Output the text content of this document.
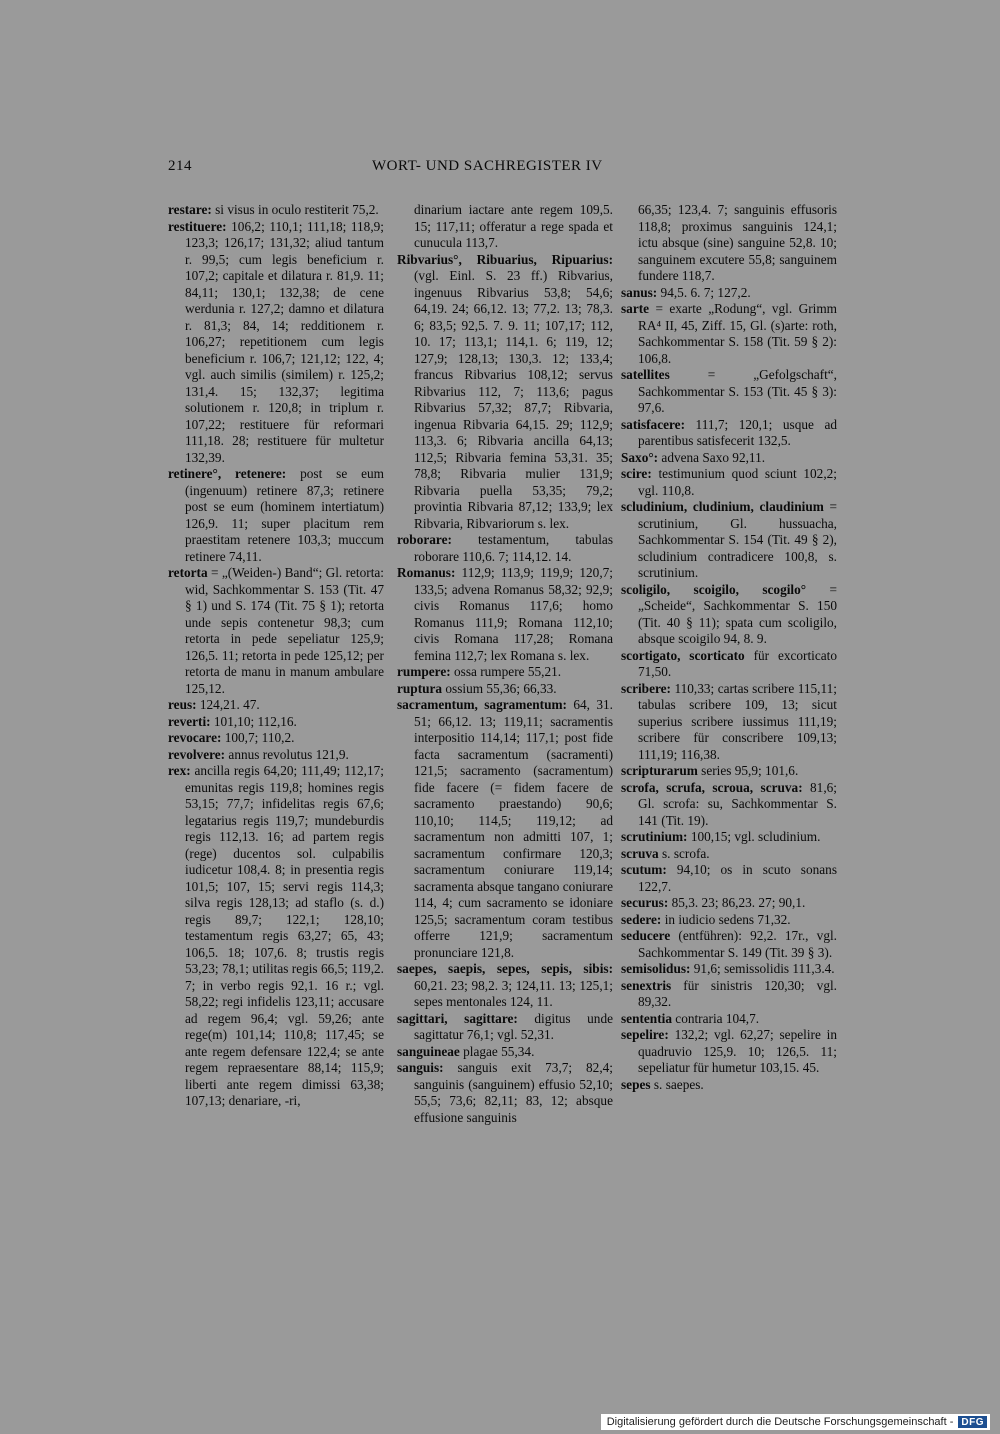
214	WORT- UND SACHREGISTER IV

restare: si visus in oculo restiterit 75,2.

restituere: 106,2; 110,1; 111,18; 118,9; 123,3; 126,17; 131,32; aliud tantum r. 99,5; cum legis beneficium r. 107,2; capitale et dilatura r. 81,9. 11; 84,11; 130,1; 132,38; de cene werdunia r. 127,2; damno et dilatura r. 81,3; 84, 14; redditionem r. 106,27; repetitionem cum legis beneficium r. 106,7; 121,12; 122, 4; vgl. auch similis (similem) r. 125,2; 131,4. 15; 132,37; legitima solutionem r. 120,8; in triplum r. 107,22; restituere für reformari 111,18. 28; restituere für multetur 132,39.

retinere°, retenere: post se eum (ingenuum) retinere 87,3; retinere post se eum (hominem intertiatum) 126,9. 11; super placitum rem praestitam retenere 103,3; muccum retinere 74,11.

retorta = „(Weiden-) Band“; Gl. retorta: wid, Sachkommentar S. 153 (Tit. 47 § 1) und S. 174 (Tit. 75 § 1); retorta unde sepis contenetur 98,3; cum retorta in pede sepeliatur 125,9; 126,5. 11; retorta in pede 125,12; per retorta de manu in manum ambulare 125,12.

reus: 124,21. 47.

reverti: 101,10; 112,16.

revocare: 100,7; 110,2.

revolvere: annus revolutus 121,9.

rex: ancilla regis 64,20; 111,49; 112,17; emunitas regis 119,8; homines regis 53,15; 77,7; infidelitas regis 67,6; legatarius regis 119,7; mundeburdis regis 112,13. 16; ad partem regis (rege) ducentos sol. culpabilis iudicetur 108,4. 8; in presentia regis 101,5; 107, 15; servi regis 114,3; silva regis 128,13; ad staflo (s. d.) regis 89,7; 122,1; 128,10; testamentum regis 63,27; 65, 43; 106,5. 18; 107,6. 8; trustis regis 53,23; 78,1; utilitas regis 66,5; 119,2. 7; in verbo regis 92,1. 16 r.; vgl. 58,22; regi infidelis 123,11; accusare ad regem 96,4; vgl. 59,26; ante rege(m) 101,14; 110,8; 117,45; se ante regem defensare 122,4; se ante regem repraesentare 88,14; 115,9; liberti ante regem dimissi 63,38; 107,13; denariare, -ri,

dinarium iactare ante regem 109,5. 15; 117,11; offeratur a rege spada et cunucula 113,7.

Ribvarius°, Ribuarius, Ripuarius: (vgl. Einl. S. 23 ff.) Ribvarius, ingenuus Ribvarius 53,8; 54,6; 64,19. 24; 66,12. 13; 77,2. 13; 78,3. 6; 83,5; 92,5. 7. 9. 11; 107,17; 112, 10. 17; 113,1; 114,1. 6; 119, 12; 127,9; 128,13; 130,3. 12; 133,4; francus Ribvarius 108,12; servus Ribvarius 112, 7; 113,6; pagus Ribvarius 57,32; 87,7; Ribvaria, ingenua Ribvaria 64,15. 29; 112,9; 113,3. 6; Ribvaria ancilla 64,13; 112,5; Ribvaria femina 53,31. 35; 78,8; Ribvaria mulier 131,9; Ribvaria puella 53,35; 79,2; provintia Ribvaria 87,12; 133,9; lex Ribvaria, Ribvariorum s. lex.

roborare: testamentum, tabulas roborare 110,6. 7; 114,12. 14.

Romanus: 112,9; 113,9; 119,9; 120,7; 133,5; advena Romanus 58,32; 92,9; civis Romanus 117,6; homo Romanus 111,9; Romana 112,10; civis Romana 117,28; Romana femina 112,7; lex Romana s. lex.

rumpere: ossa rumpere 55,21.

ruptura ossium 55,36; 66,33.

sacramentum, sagramentum: 64, 31. 51; 66,12. 13; 119,11; sacramentis interpositio 114,14; 117,1; post fide facta sacramentum (sacramenti) 121,5; sacramento (sacramentum) fide facere (= fidem facere de sacramento praestando) 90,6; 110,10; 114,5; 119,12; ad sacramentum non admitti 107, 1; sacramentum confirmare 120,3; sacramentum coniurare 119,14; sacramenta absque tangano coniurare 114, 4; cum sacramento se idoniare 125,5; sacramentum coram testibus offerre 121,9; sacramentum pronunciare 121,8.

saepes, saepis, sepes, sepis, sibis: 60,21. 23; 98,2. 3; 124,11. 13; 125,1; sepes mentonales 124, 11.

sagittari, sagittare: digitus unde sagittatur 76,1; vgl. 52,31.

sanguineae plagae 55,34.

sanguis: sanguis exit 73,7; 82,4; sanguinis (sanguinem) effusio 52,10; 55,5; 73,6; 82,11; 83, 12; absque effusione sanguinis

66,35; 123,4. 7; sanguinis effusoris 118,8; proximus sanguinis 124,1; ictu absque (sine) sanguine 52,8. 10; sanguinem excutere 55,8; sanguinem fundere 118,7.

sanus: 94,5. 6. 7; 127,2.

sarte = exarte „Rodung“, vgl. Grimm RA⁴ II, 45, Ziff. 15, Gl. (s)arte: roth, Sachkommentar S. 158 (Tit. 59 § 2): 106,8.

satellites = „Gefolgschaft“, Sachkommentar S. 153 (Tit. 45 § 3): 97,6.

satisfacere: 111,7; 120,1; usque ad parentibus satisfecerit 132,5.

Saxo°: advena Saxo 92,11.

scire: testimunium quod sciunt 102,2; vgl. 110,8.

scludinium, cludinium, claudinium = scrutinium, Gl. hussuacha, Sachkommentar S. 154 (Tit. 49 § 2), scludinium contradicere 100,8, s. scrutinium.

scoligilo, scoigilo, scogilo° = „Scheide“, Sachkommentar S. 150 (Tit. 40 § 11); spata cum scoligilo, absque scoigilo 94, 8. 9.

scortigato, scorticato für excorticato 71,50.

scribere: 110,33; cartas scribere 115,11; tabulas scribere 109, 13; sicut superius scribere iussimus 111,19; scribere für conscribere 109,13; 111,19; 116,38.

scripturarum series 95,9; 101,6.

scrofa, scrufa, scroua, scruva: 81,6; Gl. scrofa: su, Sachkommentar S. 141 (Tit. 19).

scrutinium: 100,15; vgl. scludinium.

scruva s. scrofa.

scutum: 94,10; os in scuto sonans 122,7.

securus: 85,3. 23; 86,23. 27; 90,1.

sedere: in iudicio sedens 71,32.

seducere (entführen): 92,2. 17r., vgl. Sachkommentar S. 149 (Tit. 39 § 3).

semisolidus: 91,6; semissolidis 111,3.4.

senextris für sinistris 120,30; vgl. 89,32.

sententia contraria 104,7.

sepelire: 132,2; vgl. 62,27; sepelire in quadruvio 125,9. 10; 126,5. 11; sepeliatur für humetur 103,15. 45.

sepes s. saepes.

Digitalisierung gefördert durch die Deutsche Forschungsgemeinschaft - DFG
